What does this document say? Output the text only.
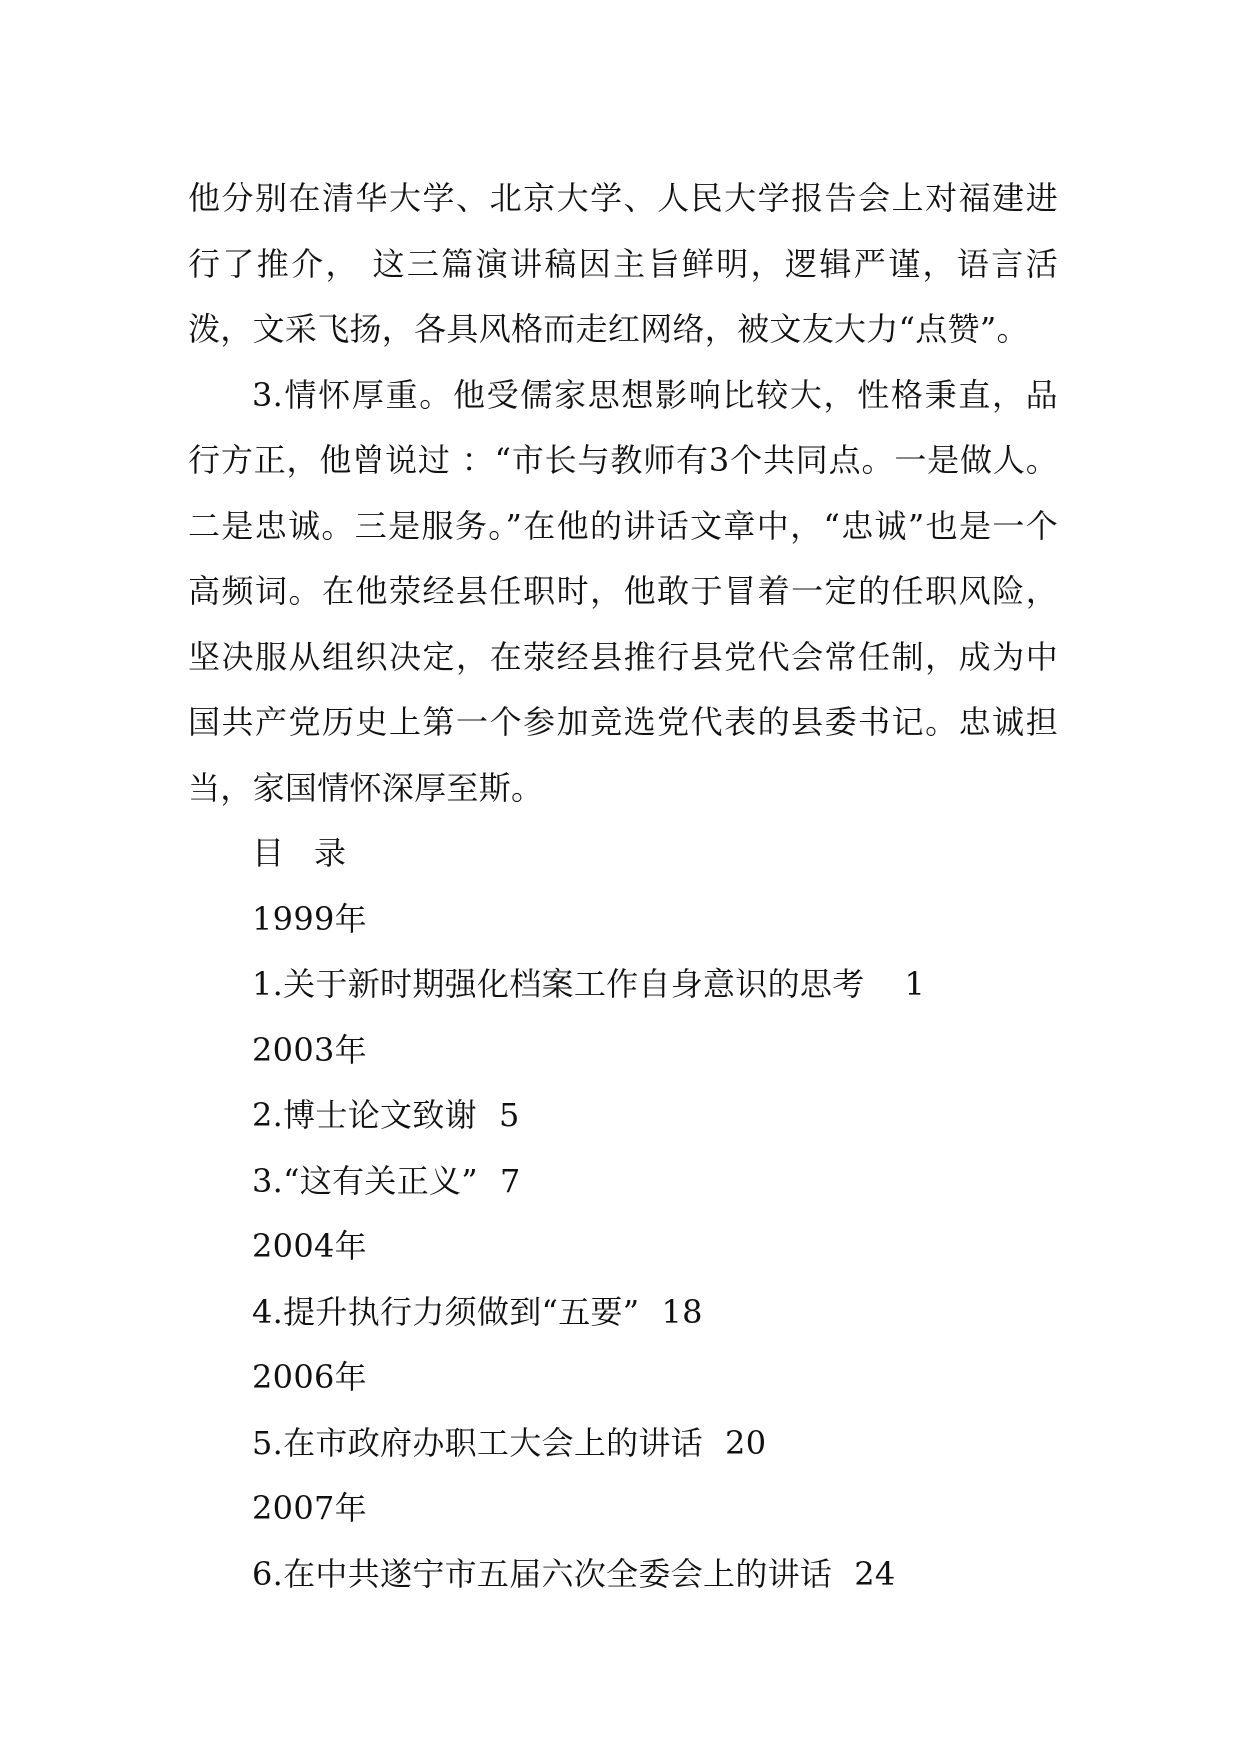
他分别在清华大学、北京大学、人民大学报告会上对福建进行了推介， 这三篇演讲稿因主旨鲜明，逻辑严谨，语言活泼，文采飞扬，各具风格而走红网络，被文友大力“点赞”。

3.情怀厚重。他受儒家思想影响比较大，性格秉直，品行方正，他曾说过 ：“市长与教师有3个共同点。一是做人。二是忠诚。三是服务。”在他的讲话文章中，“忠诚”也是一个高频词。在他荥经县任职时，他敢于冒着一定的任职风险，坚决服从组织决定，在荥经县推行县党代会常任制，成为中国共产党历史上第一个参加竞选党代表的县委书记。忠诚担当，家国情怀深厚至斯。

目录
1999年
1.关于新时期强化档案工作自身意识的思考 1
2003年
2.博士论文致谢 5
3.“这有关正义” 7
2004年
4.提升执行力须做到“五要” 18
2006年
5.在市政府办职工大会上的讲话 20
2007年
6.在中共遂宁市五届六次全委会上的讲话 24
